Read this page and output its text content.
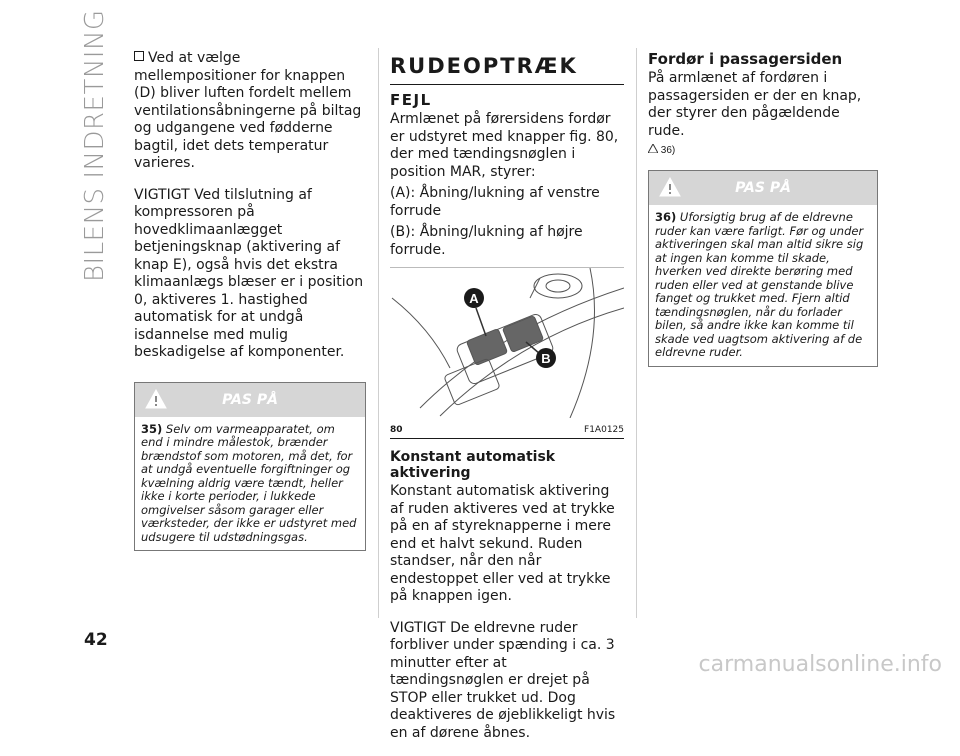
BILENS INDRETNING
42

Ved at vælge mellempositioner for knappen (D) bliver luften fordelt mellem ventilationsåbningerne på biltag og udgangene ved fødderne bagtil, idet dets temperatur varieres.

VIGTIGT Ved tilslutning af kompressoren på hovedklimaanlægget betjeningsknap (aktivering af knap E), også hvis det ekstra klimaanlægs blæser er i position 0, aktiveres 1. hastighed automatisk for at undgå isdannelse med mulig beskadigelse af komponenter.

PAS PÅ
35) Selv om varmeapparatet, om end i mindre målestok, brænder brændstof som motoren, må det, for at undgå eventuelle forgiftninger og kvælning aldrig være tændt, heller ikke i korte perioder, i lukkede omgivelser såsom garager eller værksteder, der ikke er udstyret med udsugere til udstødningsgas.
RUDEOPTRÆK
FEJL

Armlænet på førersidens fordør er udstyret med knapper fig. 80, der med tændingsnøglen i position MAR, styrer:

(A): Åbning/lukning af venstre forrude

(B): Åbning/lukning af højre forrude.

A
B
80	F1A0125
Konstant automatisk aktivering

Konstant automatisk aktivering af ruden aktiveres ved at trykke på en af styreknapperne i mere end et halvt sekund. Ruden standser, når den når endestoppet eller ved at trykke på knappen igen.

VIGTIGT De eldrevne ruder forbliver under spænding i ca. 3 minutter efter at tændingsnøglen er drejet på STOP eller trukket ud. Dog deaktiveres de øjeblikkeligt hvis en af dørene åbnes.

Fordør i passagersiden

På armlænet af fordøren i passagersiden er der en knap, der styrer den pågældende rude.

36)
PAS PÅ
36) Uforsigtig brug af de eldrevne ruder kan være farligt. Før og under aktiveringen skal man altid sikre sig at ingen kan komme til skade, hverken ved direkte berøring med ruden eller ved at genstande blive fanget og trukket med. Fjern altid tændingsnøglen, når du forlader bilen, så andre ikke kan komme til skade ved uagtsom aktivering af de eldrevne ruder.
carmanualsonline.info
